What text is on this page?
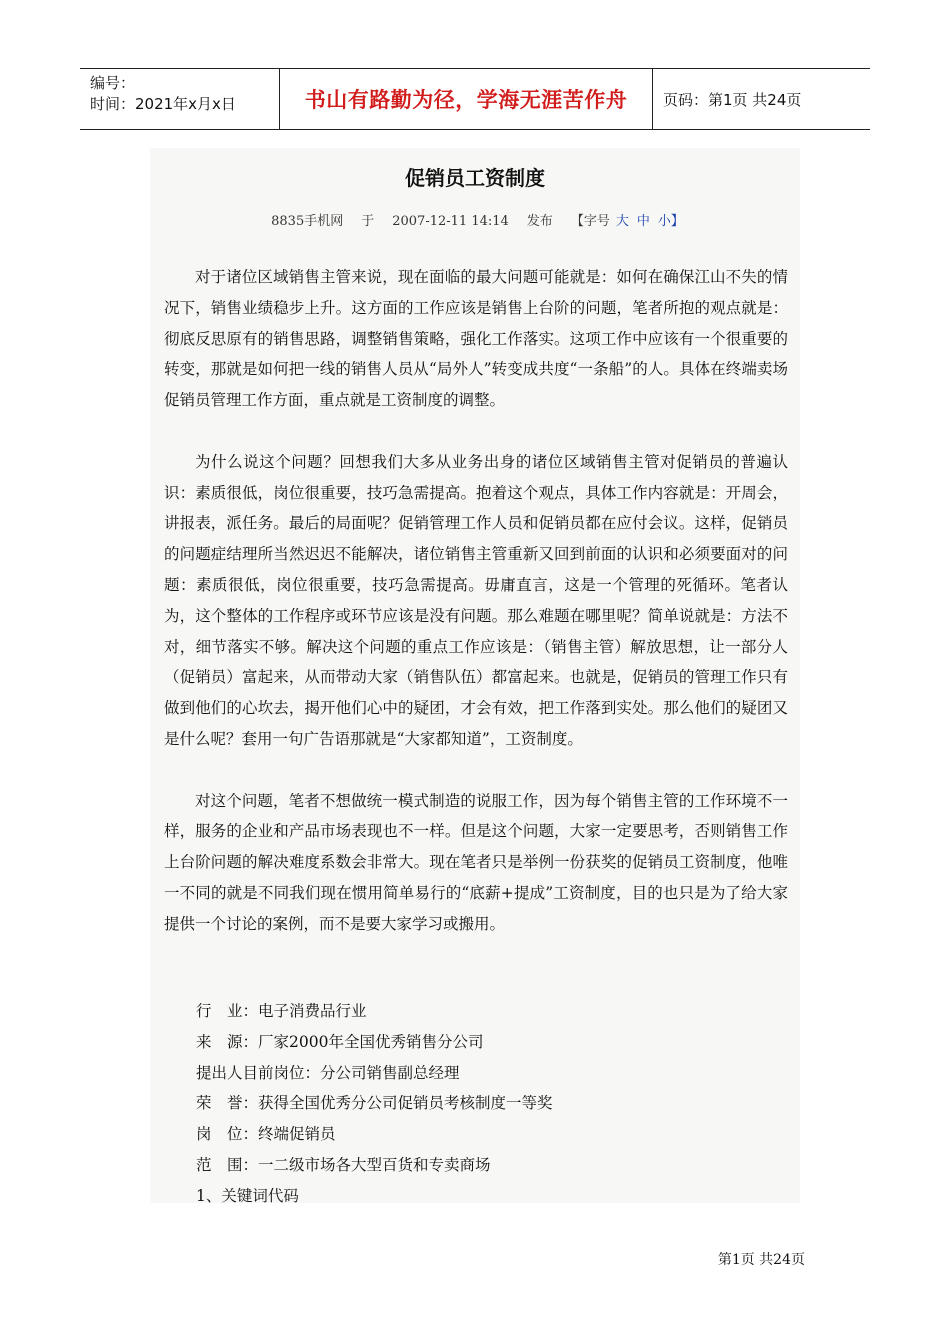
编号：
时间：2021年x月x日	书山有路勤为径，学海无涯苦作舟 页码：第1页 共24页
促销员工资制度
8835手机网 于 2007-12-11 14:14 发布 【字号 大 中 小】

对于诸位区域销售主管来说，现在面临的最大问题可能就是：如何在确保江山不失的情况下，销售业绩稳步上升。这方面的工作应该是销售上台阶的问题，笔者所抱的观点就是：彻底反思原有的销售思路，调整销售策略，强化工作落实。这项工作中应该有一个很重要的转变，那就是如何把一线的销售人员从“局外人”转变成共度“一条船”的人。具体在终端卖场促销员管理工作方面，重点就是工资制度的调整。

为什么说这个问题？回想我们大多从业务出身的诸位区域销售主管对促销员的普遍认识：素质很低，岗位很重要，技巧急需提高。抱着这个观点，具体工作内容就是：开周会，讲报表，派任务。最后的局面呢？促销管理工作人员和促销员都在应付会议。这样，促销员的问题症结理所当然迟迟不能解决，诸位销售主管重新又回到前面的认识和必须要面对的问题：素质很低，岗位很重要，技巧急需提高。毋庸直言，这是一个管理的死循环。笔者认为，这个整体的工作程序或环节应该是没有问题。那么难题在哪里呢？简单说就是：方法不对，细节落实不够。解决这个问题的重点工作应该是：（销售主管）解放思想，让一部分人（促销员）富起来，从而带动大家（销售队伍）都富起来。也就是，促销员的管理工作只有做到他们的心坎去，揭开他们心中的疑团，才会有效，把工作落到实处。那么他们的疑团又是什么呢？套用一句广告语那就是“大家都知道”，工资制度。

对这个问题，笔者不想做统一模式制造的说服工作，因为每个销售主管的工作环境不一样，服务的企业和产品市场表现也不一样。但是这个问题，大家一定要思考，否则销售工作上台阶问题的解决难度系数会非常大。现在笔者只是举例一份获奖的促销员工资制度，他唯一不同的就是不同我们现在惯用简单易行的“底薪+提成”工资制度，目的也只是为了给大家提供一个讨论的案例，而不是要大家学习或搬用。

行　业：电子消费品行业
来　源：厂家2000年全国优秀销售分公司
提出人目前岗位：分公司销售副总经理
荣　誉：获得全国优秀分公司促销员考核制度一等奖
岗　位：终端促销员
范　围：一二级市场各大型百货和专卖商场
1、关键词代码
第1页 共24页
